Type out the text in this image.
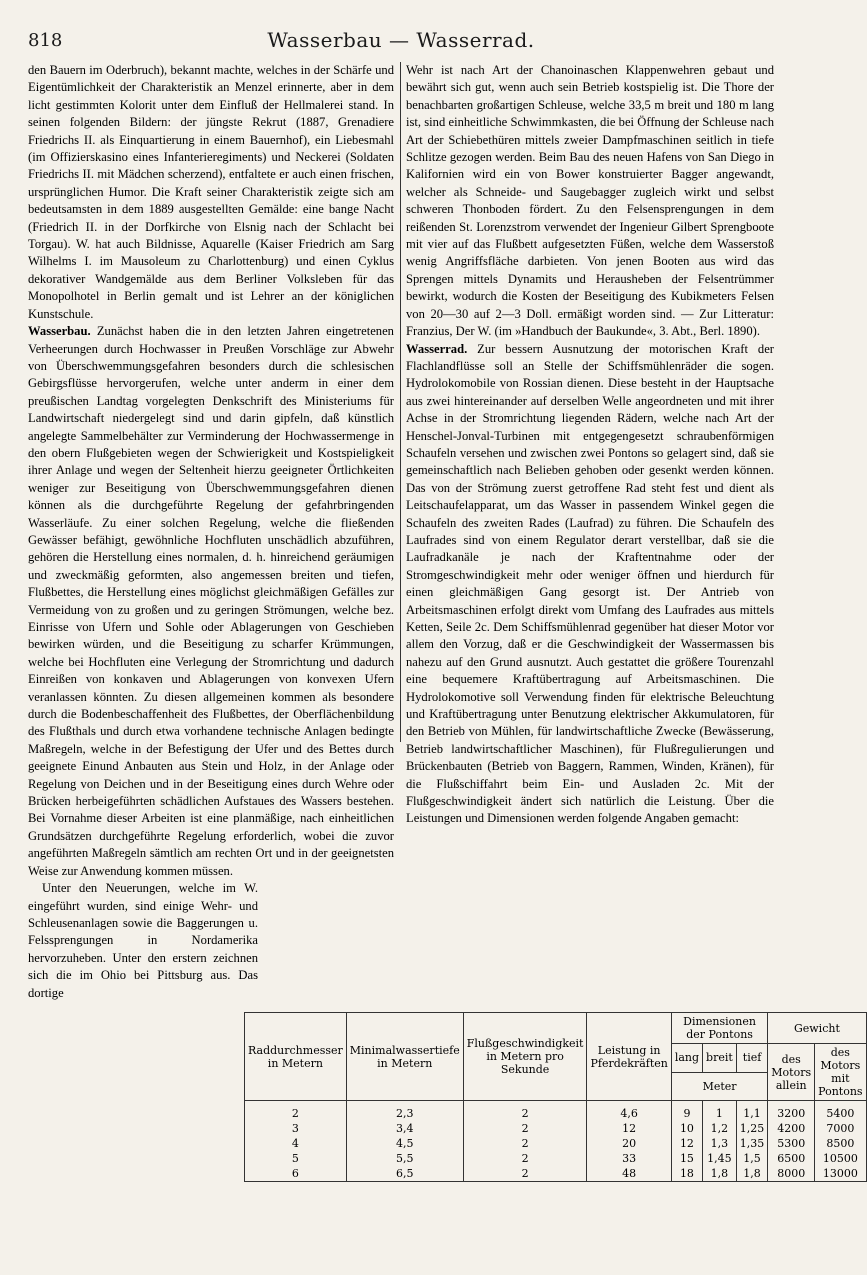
818	Wasserbau — Wasserrad.

den Bauern im Oderbruch), bekannt machte, welches in der Schärfe und Eigentümlichkeit der Charakteristik an Menzel erinnerte, aber in dem licht gestimmten Kolorit unter dem Einfluß der Hellmalerei stand. In seinen folgenden Bildern: der jüngste Rekrut (1887, Grenadiere Friedrichs II. als Einquartierung in einem Bauernhof), ein Liebesmahl (im Offizierskasino eines Infanterieregiments) und Neckerei (Soldaten Friedrichs II. mit Mädchen scherzend), entfaltete er auch einen frischen, ursprünglichen Humor. Die Kraft seiner Charakteristik zeigte sich am bedeutsamsten in dem 1889 ausgestellten Gemälde: eine bange Nacht (Friedrich II. in der Dorfkirche von Elsnig nach der Schlacht bei Torgau). W. hat auch Bildnisse, Aquarelle (Kaiser Friedrich am Sarg Wilhelms I. im Mausoleum zu Charlottenburg) und einen Cyklus dekorativer Wandgemälde aus dem Berliner Volksleben für das Monopolhotel in Berlin gemalt und ist Lehrer an der königlichen Kunstschule.

Wasserbau. Zunächst haben die in den letzten Jahren eingetretenen Verheerungen durch Hochwasser in Preußen Vorschläge zur Abwehr von Überschwemmungsgefahren besonders durch die schlesischen Gebirgsflüsse hervorgerufen, welche unter anderm in einer dem preußischen Landtag vorgelegten Denkschrift des Ministeriums für Landwirtschaft niedergelegt sind und darin gipfeln, daß künstlich angelegte Sammelbehälter zur Verminderung der Hochwassermenge in den obern Flußgebieten wegen der Schwierigkeit und Kostspieligkeit ihrer Anlage und wegen der Seltenheit hierzu geeigneter Örtlichkeiten weniger zur Beseitigung von Überschwemmungsgefahren dienen können als die durchgeführte Regelung der gefahrbringenden Wasserläufe. Zu einer solchen Regelung, welche die fließenden Gewässer befähigt, gewöhnliche Hochfluten unschädlich abzuführen, gehören die Herstellung eines normalen, d. h. hinreichend geräumigen und zweckmäßig geformten, also angemessen breiten und tiefen, Flußbettes, die Herstellung eines möglichst gleichmäßigen Gefälles zur Vermeidung von zu großen und zu geringen Strömungen, welche bez. Einrisse von Ufern und Sohle oder Ablagerungen von Geschieben bewirken würden, und die Beseitigung zu scharfer Krümmungen, welche bei Hochfluten eine Verlegung der Stromrichtung und dadurch Einreißen von konkaven und Ablagerungen von konvexen Ufern veranlassen könnten. Zu diesen allgemeinen kommen als besondere durch die Bodenbeschaffenheit des Flußbettes, der Oberflächenbildung des Flußthals und durch etwa vorhandene technische Anlagen bedingte Maßregeln, welche in der Befestigung der Ufer und des Bettes durch geeignete Einund Anbauten aus Stein und Holz, in der Anlage oder Regelung von Deichen und in der Beseitigung eines durch Wehre oder Brücken herbeigeführten schädlichen Aufstaues des Wassers bestehen. Bei Vornahme dieser Arbeiten ist eine planmäßige, nach einheitlichen Grundsätzen durchgeführte Regelung erforderlich, wobei die zuvor angeführten Maßregeln sämtlich am rechten Ort und in der geeignetsten Weise zur Anwendung kommen müssen.

Unter den Neuerungen, welche im W. eingeführt wurden, sind einige Wehr- und Schleusenanlagen sowie die Baggerungen u. Felssprengungen in Nordamerika hervorzuheben. Unter den erstern zeichnen sich die im Ohio bei Pittsburg aus. Das dortige

Wehr ist nach Art der Chanoinaschen Klappenwehren gebaut und bewährt sich gut, wenn auch sein Betrieb kostspielig ist. Die Thore der benachbarten großartigen Schleuse, welche 33,5 m breit und 180 m lang ist, sind einheitliche Schwimmkasten, die bei Öffnung der Schleuse nach Art der Schiebethüren mittels zweier Dampfmaschinen seitlich in tiefe Schlitze gezogen werden. Beim Bau des neuen Hafens von San Diego in Kalifornien wird ein von Bower konstruierter Bagger angewandt, welcher als Schneide- und Saugebagger zugleich wirkt und selbst schweren Thonboden fördert. Zu den Felsensprengungen in dem reißenden St. Lorenzstrom verwendet der Ingenieur Gilbert Sprengboote mit vier auf das Flußbett aufgesetzten Füßen, welche dem Wasserstoß wenig Angriffsfläche darbieten. Von jenen Booten aus wird das Sprengen mittels Dynamits und Herausheben der Felsentrümmer bewirkt, wodurch die Kosten der Beseitigung des Kubikmeters Felsen von 20—30 auf 2—3 Doll. ermäßigt worden sind. — Zur Litteratur: Franzius, Der W. (im »Handbuch der Baukunde«, 3. Abt., Berl. 1890).

Wasserrad. Zur bessern Ausnutzung der motorischen Kraft der Flachlandflüsse soll an Stelle der Schiffsmühlenräder die sogen. Hydrolokomobile von Rossian dienen. Diese besteht in der Hauptsache aus zwei hintereinander auf derselben Welle angeordneten und mit ihrer Achse in der Stromrichtung liegenden Rädern, welche nach Art der Henschel-Jonval-Turbinen mit entgegengesetzt schraubenförmigen Schaufeln versehen und zwischen zwei Pontons so gelagert sind, daß sie gemeinschaftlich nach Belieben gehoben oder gesenkt werden können. Das von der Strömung zuerst getroffene Rad steht fest und dient als Leitschaufelapparat, um das Wasser in passendem Winkel gegen die Schaufeln des zweiten Rades (Laufrad) zu führen. Die Schaufeln des Laufrades sind von einem Regulator derart verstellbar, daß sie die Laufradkanäle je nach der Kraftentnahme oder der Stromgeschwindigkeit mehr oder weniger öffnen und hierdurch für einen gleichmäßigen Gang gesorgt ist. Der Antrieb von Arbeitsmaschinen erfolgt direkt vom Umfang des Laufrades aus mittels Ketten, Seile 2c. Dem Schiffsmühlenrad gegenüber hat dieser Motor vor allem den Vorzug, daß er die Geschwindigkeit der Wassermassen bis nahezu auf den Grund ausnutzt. Auch gestattet die größere Tourenzahl eine bequemere Kraftübertragung auf Arbeitsmaschinen. Die Hydrolokomotive soll Verwendung finden für elektrische Beleuchtung und Kraftübertragung unter Benutzung elektrischer Akkumulatoren, für den Betrieb von Mühlen, für landwirtschaftliche Zwecke (Bewässerung, Betrieb landwirtschaftlicher Maschinen), für Flußregulierungen und Brückenbauten (Betrieb von Baggern, Rammen, Winden, Kränen), für die Flußschiffahrt beim Ein- und Ausladen 2c. Mit der Flußgeschwindigkeit ändert sich natürlich die Leistung. Über die Leistungen und Dimensionen werden folgende Angaben gemacht:

Raddurchmesser in Metern	Minimalwassertiefe in Metern	Flußgeschwindigkeit in Metern pro Sekunde	Leistung in Pferdekräften	Dimensionen der Pontons			Gewicht	
				lang	breit	tief	des Motors allein	des Motors mit Pontons
				Meter				
2	2,3	2	4,6	9	1	1,1	3200	5400
3	3,4	2	12	10	1,2	1,25	4200	7000
4	4,5	2	20	12	1,3	1,35	5300	8500
5	5,5	2	33	15	1,45	1,5	6500	10500
6	6,5	2	48	18	1,8	1,8	8000	13000
